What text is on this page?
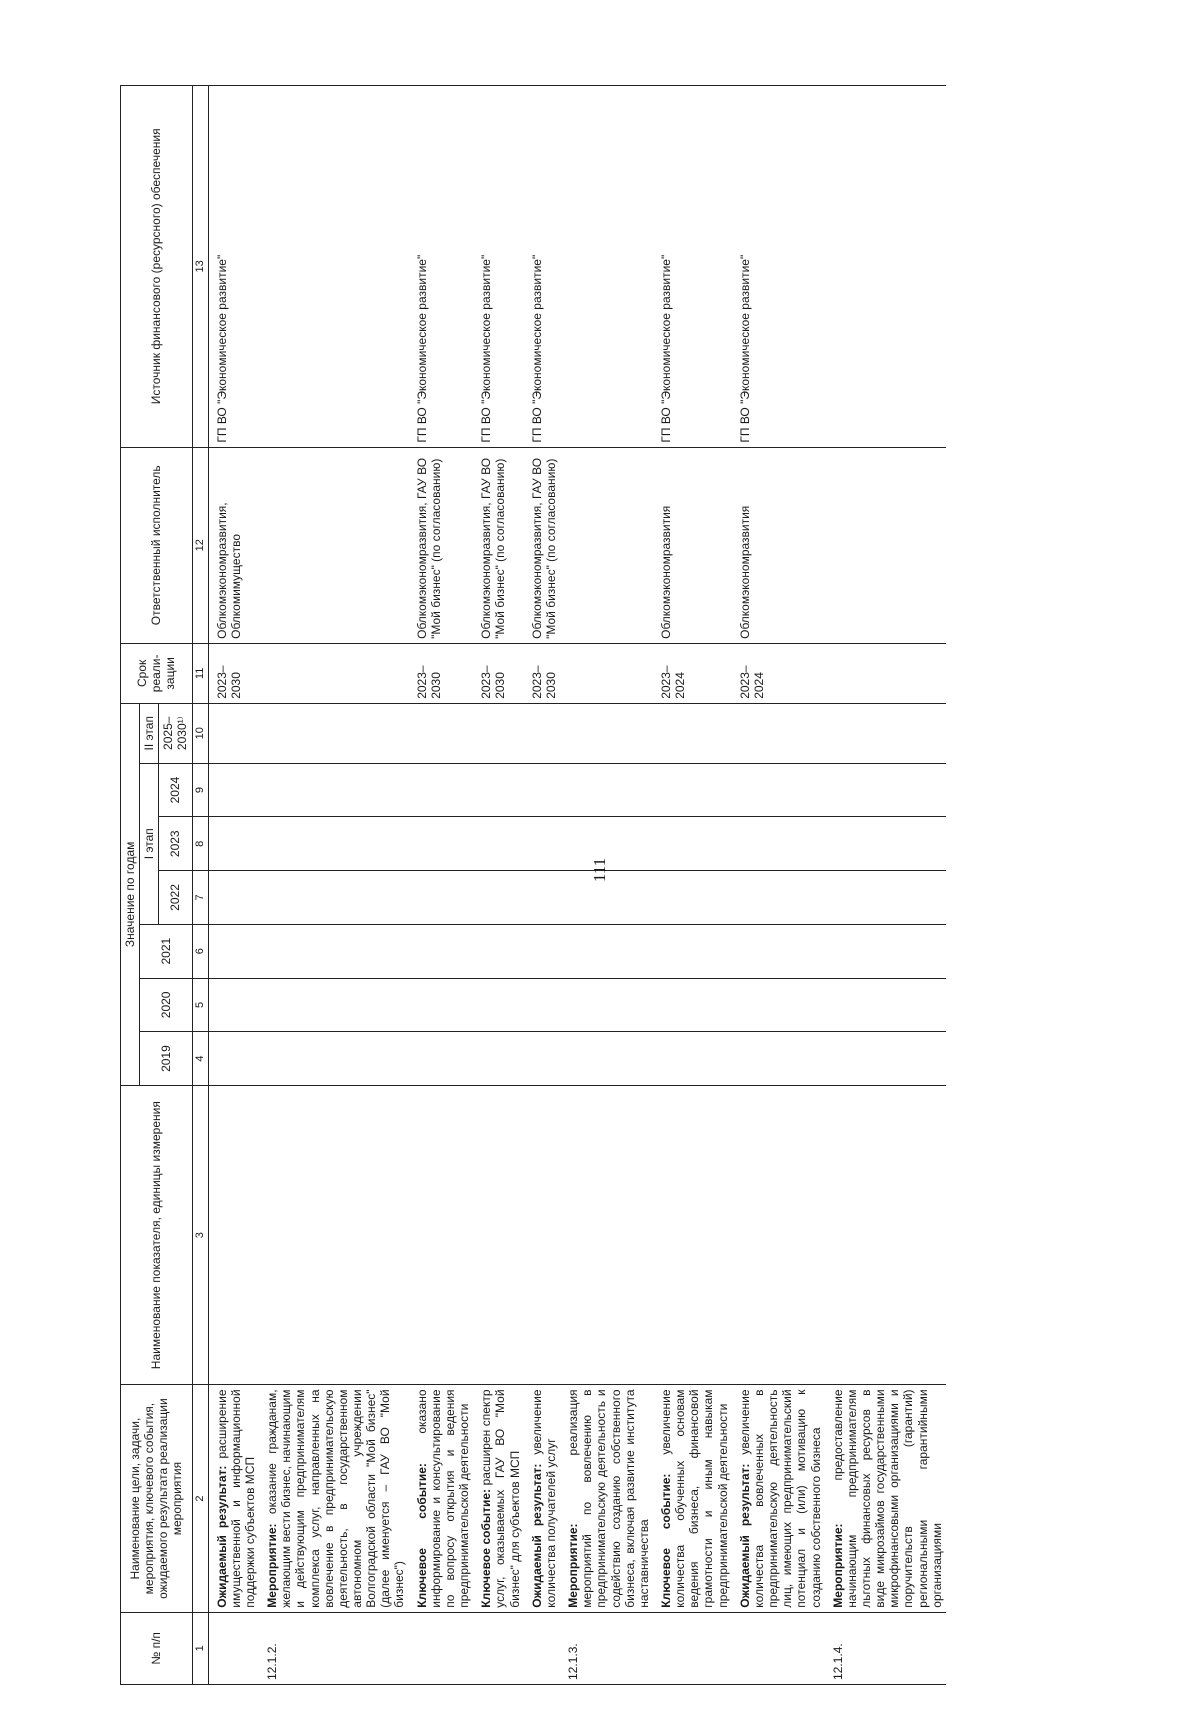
111
№ п/п	Наименование цели, задачи, мероприятия, ключевого события, ожидаемого результата реализации мероприятия	Наименование показателя, единицы измерения	Значение по годам							Срок реали-зации	Ответственный исполнитель	Источник финансового (ресурсного) обеспечения
			2019	2020	2021	I этап			II этап			
						2022	2023	2024	2025–2030¹⁾			
1	2	3	4	5	6	7	8	9	10	11	12	13
	Ожидаемый результат: расширение имущественной и информационной поддержки субъектов МСП									2023–2030	Облкомэкономразвития, Облкомимущество	ГП ВО "Экономическое развитие"
12.1.2.	Мероприятие: оказание гражданам, желающим вести бизнес, начинающим и действующим предпринимателям комплекса услуг, направленных на вовлечение в предпринимательскую деятельность, в государственном автономном учреждении Волгоградской области "Мой бизнес" (далее именуется – ГАУ ВО "Мой бизнес")											
	Ключевое событие: оказано информирование и консультирование по вопросу открытия и ведения предпринимательской деятельности									2023–2030	Облкомэкономразвития, ГАУ ВО "Мой бизнес" (по согласованию)	ГП ВО "Экономическое развитие"
	Ключевое событие: расширен спектр услуг, оказываемых ГАУ ВО "Мой бизнес" для субъектов МСП									2023–2030	Облкомэкономразвития, ГАУ ВО "Мой бизнес" (по согласованию)	ГП ВО "Экономическое развитие"
	Ожидаемый результат: увеличение количества получателей услуг									2023–2030	Облкомэкономразвития, ГАУ ВО "Мой бизнес" (по согласованию)	ГП ВО "Экономическое развитие"
12.1.3.	Мероприятие: реализация мероприятий по вовлечению в предпринимательскую деятельность и содействию созданию собственного бизнеса, включая развитие института наставничества											
	Ключевое событие: увеличение количества обученных основам ведения бизнеса, финансовой грамотности и иным навыкам предпринимательской деятельности									2023–2024	Облкомэкономразвития	ГП ВО "Экономическое развитие"
	Ожидаемый результат: увеличение количества вовлеченных в предпринимательскую деятельность лиц, имеющих предпринимательский потенциал и (или) мотивацию к созданию собственного бизнеса									2023–2024	Облкомэкономразвития	ГП ВО "Экономическое развитие"
12.1.4.	Мероприятие: предоставление начинающим предпринимателям льготных финансовых ресурсов в виде микрозаймов государственными микрофинансовыми организациями и поручительств (гарантий) региональными гарантийными организациями											
